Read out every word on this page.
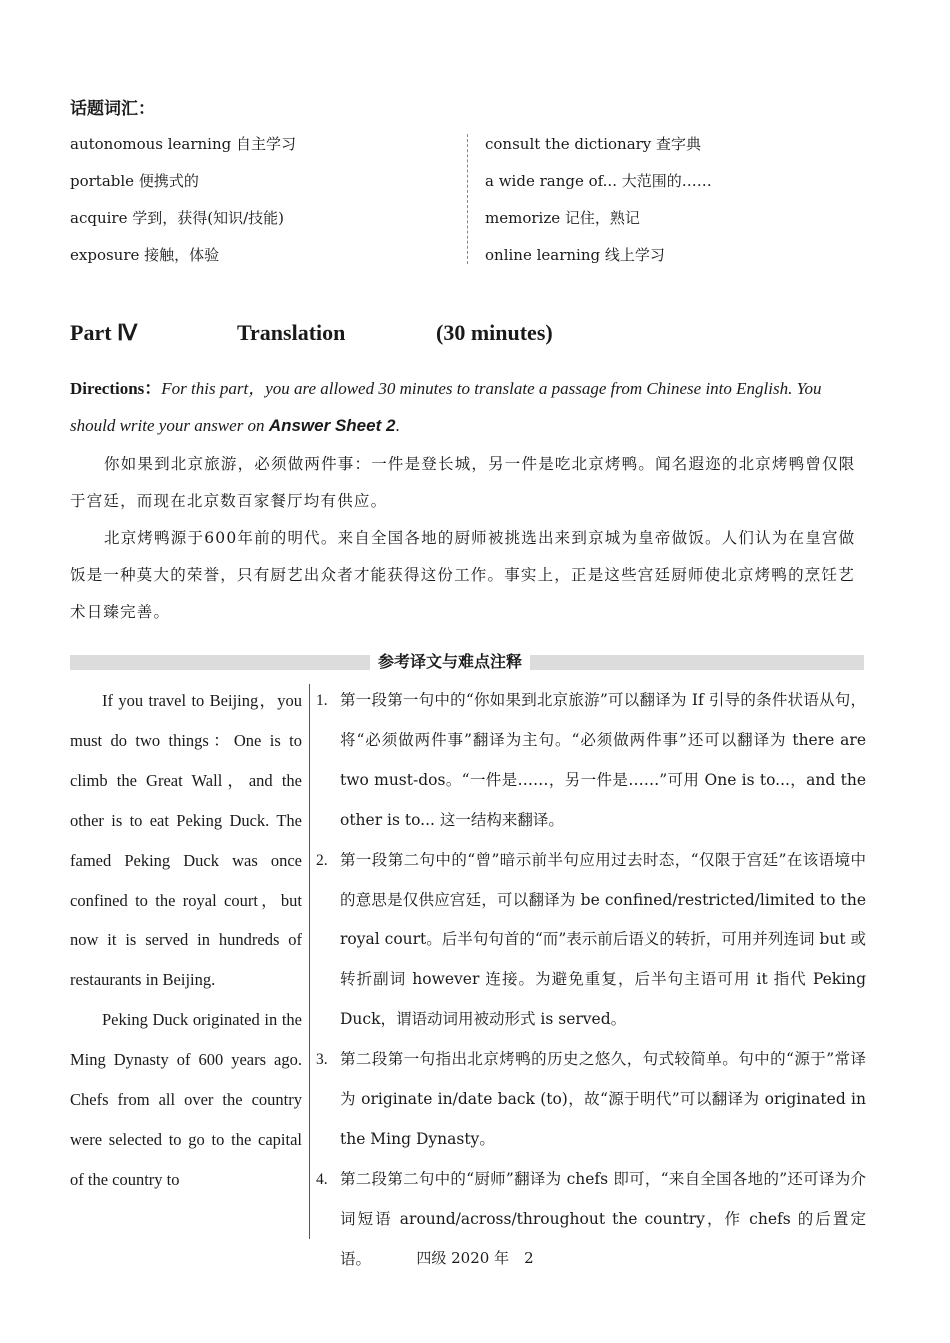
话题词汇：
autonomous learning 自主学习
portable 便携式的
acquire 学到，获得(知识/技能)
exposure 接触，体验
consult the dictionary 查字典
a wide range of... 大范围的……
memorize 记住，熟记
online learning 线上学习
Part Ⅳ	Translation	(30 minutes)
Directions：For this part，you are allowed 30 minutes to translate a passage from Chinese into English. You should write your answer on Answer Sheet 2.
你如果到北京旅游，必须做两件事：一件是登长城，另一件是吃北京烤鸭。闻名遐迩的北京烤鸭曾仅限于宫廷，而现在北京数百家餐厅均有供应。
北京烤鸭源于600年前的明代。来自全国各地的厨师被挑选出来到京城为皇帝做饭。人们认为在皇宫做饭是一种莫大的荣誉，只有厨艺出众者才能获得这份工作。事实上，正是这些宫廷厨师使北京烤鸭的烹饪艺术日臻完善。
参考译文与难点注释

If you travel to Beijing，you must do two things：One is to climb the Great Wall，and the other is to eat Peking Duck. The famed Peking Duck was once confined to the royal court，but now it is served in hundreds of restaurants in Beijing.

Peking Duck originated in the Ming Dynasty of 600 years ago. Chefs from all over the country were selected to go to the capital of the country to

1. 第一段第一句中的“你如果到北京旅游”可以翻译为 If 引导的条件状语从句，将“必须做两件事”翻译为主句。“必须做两件事”还可以翻译为 there are two must-dos。“一件是……，另一件是……”可用 One is to...，and the other is to... 这一结构来翻译。
2. 第一段第二句中的“曾”暗示前半句应用过去时态，“仅限于宫廷”在该语境中的意思是仅供应宫廷，可以翻译为 be confined/restricted/limited to the royal court。后半句句首的“而”表示前后语义的转折，可用并列连词 but 或转折副词 however 连接。为避免重复，后半句主语可用 it 指代 Peking Duck，谓语动词用被动形式 is served。
3. 第二段第一句指出北京烤鸭的历史之悠久，句式较简单。句中的“源于”常译为 originate in/date back (to)，故“源于明代”可以翻译为 originated in the Ming Dynasty。
4. 第二段第二句中的“厨师”翻译为 chefs 即可，“来自全国各地的”还可译为介词短语 around/across/throughout the country，作 chefs 的后置定语。	四级 2020 年　2
